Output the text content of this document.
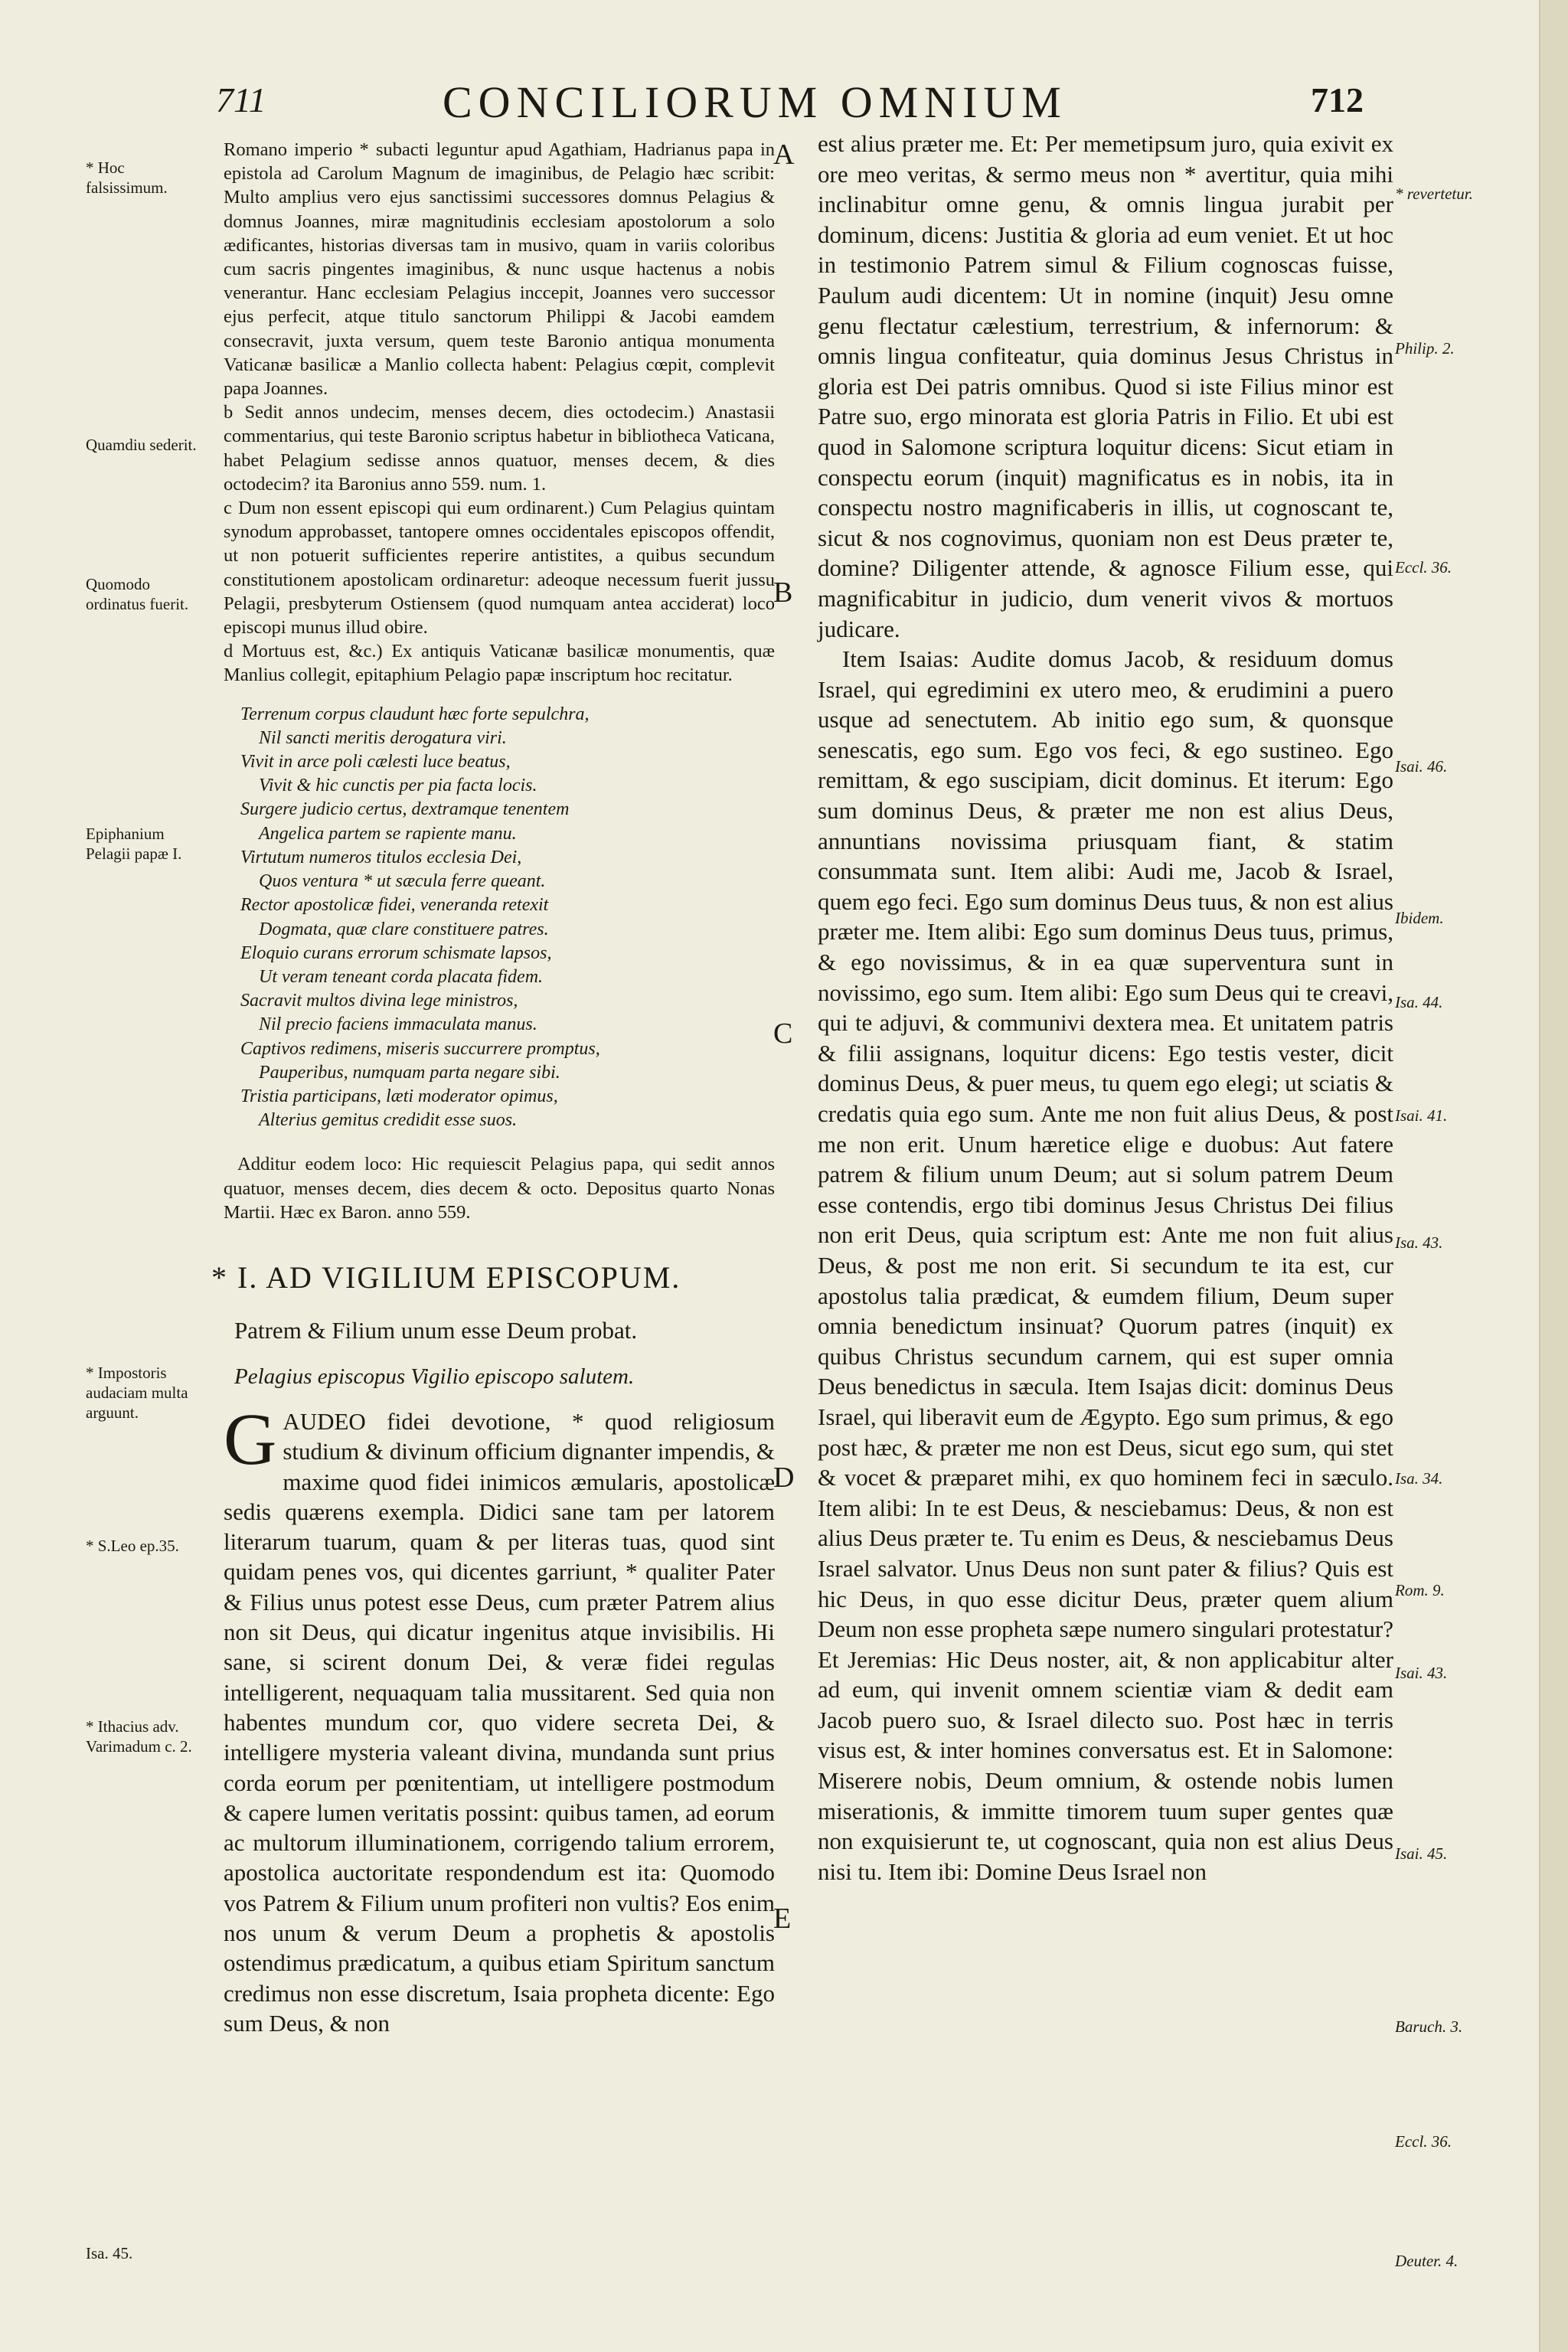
711	CONCILIORUM OMNIUM	712
* Hoc falsissimum.
Quamdiu sederit.
Quomodo ordinatus fuerit.
Epiphanium Pelagii papæ I.
* Impostoris audaciam multa arguunt.
* S.Leo ep.35.
* Ithacius adv. Varimadum c. 2.
Isa. 45.
Romano imperio * subacti leguntur apud Agathiam, Hadrianus papa in epistola ad Carolum Magnum de imaginibus, de Pelagio hæc scribit: Multo amplius vero ejus sanctissimi successores domnus Pelagius & domnus Joannes, miræ magnitudinis ecclesiam apostolorum a solo ædificantes, historias diversas tam in musivo, quam in variis coloribus cum sacris pingentes imaginibus, & nunc usque hactenus a nobis venerantur. Hanc ecclesiam Pelagius inccepit, Joannes vero successor ejus perfecit, atque titulo sanctorum Philippi & Jacobi eamdem consecravit, juxta versum, quem teste Baronio antiqua monumenta Vaticanæ basilicæ a Manlio collecta habent: Pelagius cœpit, complevit papa Joannes.
b Sedit annos undecim, menses decem, dies octodecim.) Anastasii commentarius, qui teste Baronio scriptus habetur in bibliotheca Vaticana, habet Pelagium sedisse annos quatuor, menses decem, & dies octodecim? ita Baronius anno 559. num. 1.
c Dum non essent episcopi qui eum ordinarent.) Cum Pelagius quintam synodum approbasset, tantopere omnes occidentales episcopos offendit, ut non potuerit sufficientes reperire antistites, a quibus secundum constitutionem apostolicam ordinaretur: adeoque necessum fuerit jussu Pelagii, presbyterum Ostiensem (quod numquam antea acciderat) loco episcopi munus illud obire.
d Mortuus est, &c.) Ex antiquis Vaticanæ basilicæ monumentis, quæ Manlius collegit, epitaphium Pelagio papæ inscriptum hoc recitatur.
Terrenum corpus claudunt hæc forte sepulchra,
Nil sancti meritis derogatura viri.
Vivit in arce poli cælesti luce beatus,
Vivit & hic cunctis per pia facta locis.
Surgere judicio certus, dextramque tenentem
Angelica partem se rapiente manu.
Virtutum numeros titulos ecclesia Dei,
Quos ventura * ut sæcula ferre queant.
Rector apostolicæ fidei, veneranda retexit
Dogmata, quæ clare constituere patres.
Eloquio curans errorum schismate lapsos,
Ut veram teneant corda placata fidem.
Sacravit multos divina lege ministros,
Nil precio faciens immaculata manus.
Captivos redimens, miseris succurrere promptus,
Pauperibus, numquam parta negare sibi.
Tristia participans, læti moderator opimus,
Alterius gemitus credidit esse suos.
Additur eodem loco: Hic requiescit Pelagius papa, qui sedit annos quatuor, menses decem, dies decem & octo. Depositus quarto Nonas Martii. Hæc ex Baron. anno 559.
* I. AD VIGILIUM EPISCOPUM.
Patrem & Filium unum esse Deum probat.
Pelagius episcopus Vigilio episcopo salutem.
GAUDEO fidei devotione, * quod religiosum studium & divinum officium dignanter impendis, & maxime quod fidei inimicos æmularis, apostolicæ sedis quærens exempla. Didici sane tam per latorem literarum tuarum, quam & per literas tuas, quod sint quidam penes vos, qui dicentes garriunt, * qualiter Pater & Filius unus potest esse Deus, cum præter Patrem alius non sit Deus, qui dicatur ingenitus atque invisibilis. Hi sane, si scirent donum Dei, & veræ fidei regulas intelligerent, nequaquam talia mussitarent. Sed quia non habentes mundum cor, quo videre secreta Dei, & intelligere mysteria valeant divina, mundanda sunt prius corda eorum per pœnitentiam, ut intelligere postmodum & capere lumen veritatis possint: quibus tamen, ad eorum ac multorum illuminationem, corrigendo talium errorem, apostolica auctoritate respondendum est ita: Quomodo vos Patrem & Filium unum profiteri non vultis? Eos enim nos unum & verum Deum a prophetis & apostolis ostendimus prædicatum, a quibus etiam Spiritum sanctum credimus non esse discretum, Isaia propheta dicente: Ego sum Deus, & non
A
B
C
D
E
est alius præter me. Et: Per memetipsum juro, quia exivit ex ore meo veritas, & sermo meus non * avertitur, quia mihi inclinabitur omne genu, & omnis lingua jurabit per dominum, dicens: Justitia & gloria ad eum veniet. Et ut hoc in testimonio Patrem simul & Filium cognoscas fuisse, Paulum audi dicentem: Ut in nomine (inquit) Jesu omne genu flectatur cælestium, terrestrium, & infernorum: & omnis lingua confiteatur, quia dominus Jesus Christus in gloria est Dei patris omnibus. Quod si iste Filius minor est Patre suo, ergo minorata est gloria Patris in Filio. Et ubi est quod in Salomone scriptura loquitur dicens: Sicut etiam in conspectu eorum (inquit) magnificatus es in nobis, ita in conspectu nostro magnificaberis in illis, ut cognoscant te, sicut & nos cognovimus, quoniam non est Deus præter te, domine? Diligenter attende, & agnosce Filium esse, qui magnificabitur in judicio, dum venerit vivos & mortuos judicare.
Item Isaias: Audite domus Jacob, & residuum domus Israel, qui egredimini ex utero meo, & erudimini a puero usque ad senectutem. Ab initio ego sum, & quonsque senescatis, ego sum. Ego vos feci, & ego sustineo. Ego remittam, & ego suscipiam, dicit dominus. Et iterum: Ego sum dominus Deus, & præter me non est alius Deus, annuntians novissima priusquam fiant, & statim consummata sunt. Item alibi: Audi me, Jacob & Israel, quem ego feci. Ego sum dominus Deus tuus, & non est alius præter me. Item alibi: Ego sum dominus Deus tuus, primus, & ego novissimus, & in ea quæ superventura sunt in novissimo, ego sum. Item alibi: Ego sum Deus qui te creavi, qui te adjuvi, & communivi dextera mea. Et unitatem patris & filii assignans, loquitur dicens: Ego testis vester, dicit dominus Deus, & puer meus, tu quem ego elegi; ut sciatis & credatis quia ego sum. Ante me non fuit alius Deus, & post me non erit. Unum hæretice elige e duobus: Aut fatere patrem & filium unum Deum; aut si solum patrem Deum esse contendis, ergo tibi dominus Jesus Christus Dei filius non erit Deus, quia scriptum est: Ante me non fuit alius Deus, & post me non erit. Si secundum te ita est, cur apostolus talia prædicat, & eumdem filium, Deum super omnia benedictum insinuat? Quorum patres (inquit) ex quibus Christus secundum carnem, qui est super omnia Deus benedictus in sæcula. Item Isajas dicit: dominus Deus Israel, qui liberavit eum de Ægypto. Ego sum primus, & ego post hæc, & præter me non est Deus, sicut ego sum, qui stet & vocet & præparet mihi, ex quo hominem feci in sæculo. Item alibi: In te est Deus, & nesciebamus: Deus, & non est alius Deus præter te. Tu enim es Deus, & nesciebamus Deus Israel salvator. Unus Deus non sunt pater & filius? Quis est hic Deus, in quo esse dicitur Deus, præter quem alium Deum non esse propheta sæpe numero singulari protestatur? Et Jeremias: Hic Deus noster, ait, & non applicabitur alter ad eum, qui invenit omnem scientiæ viam & dedit eam Jacob puero suo, & Israel dilecto suo. Post hæc in terris visus est, & inter homines conversatus est. Et in Salomone: Miserere nobis, Deum omnium, & ostende nobis lumen miserationis, & immitte timorem tuum super gentes quæ non exquisierunt te, ut cognoscant, quia non est alius Deus nisi tu. Item ibi: Domine Deus Israel non
* revertetur.
Philip. 2.
Eccl. 36.
Isai. 46.
Ibidem.
Isa. 44.
Isai. 41.
Isa. 43.
Isa. 34.
Rom. 9.
Isai. 43.
Isai. 45.
Baruch. 3.
Eccl. 36.
Deuter. 4.
